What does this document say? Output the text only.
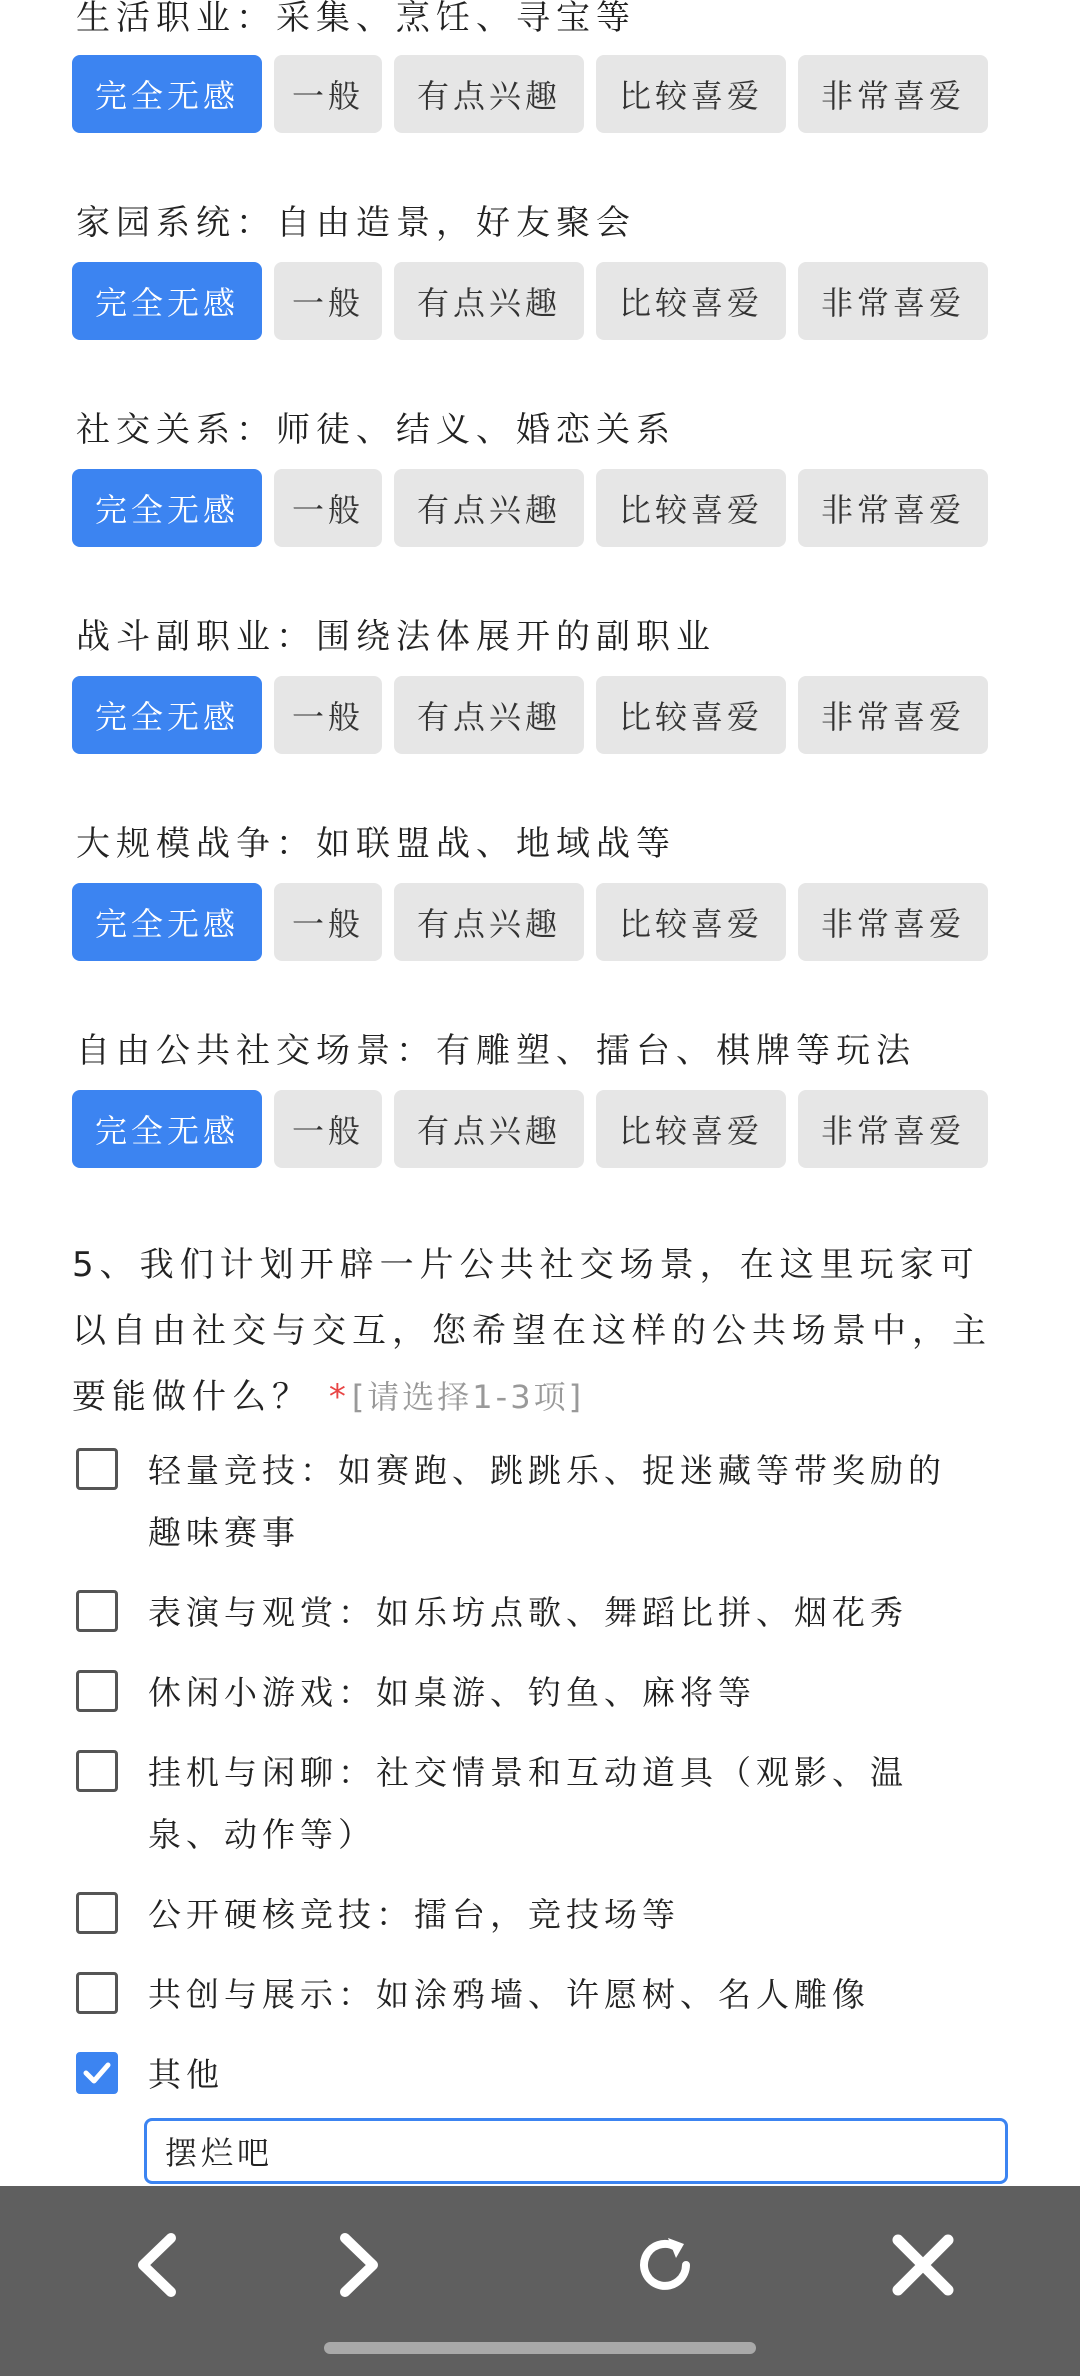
生活职业：采集、烹饪、寻宝等
完全无感	一般	有点兴趣	比较喜爱	非常喜爱
家园系统：自由造景，好友聚会
完全无感	一般	有点兴趣	比较喜爱	非常喜爱
社交关系：师徒、结义、婚恋关系
完全无感	一般	有点兴趣	比较喜爱	非常喜爱
战斗副职业：围绕法体展开的副职业
完全无感	一般	有点兴趣	比较喜爱	非常喜爱
大规模战争：如联盟战、地域战等
完全无感	一般	有点兴趣	比较喜爱	非常喜爱
自由公共社交场景：有雕塑、擂台、棋牌等玩法
完全无感	一般	有点兴趣	比较喜爱	非常喜爱
5、我们计划开辟一片公共社交场景，在这里玩家可以自由社交与交互，您希望在这样的公共场景中，主要能做什么？ *[请选择1-3项]
轻量竞技：如赛跑、跳跳乐、捉迷藏等带奖励的趣味赛事
表演与观赏：如乐坊点歌、舞蹈比拼、烟花秀
休闲小游戏：如桌游、钓鱼、麻将等
挂机与闲聊：社交情景和互动道具（观影、温泉、动作等）
公开硬核竞技：擂台，竞技场等
共创与展示：如涂鸦墙、许愿树、名人雕像
其他
摆烂吧
